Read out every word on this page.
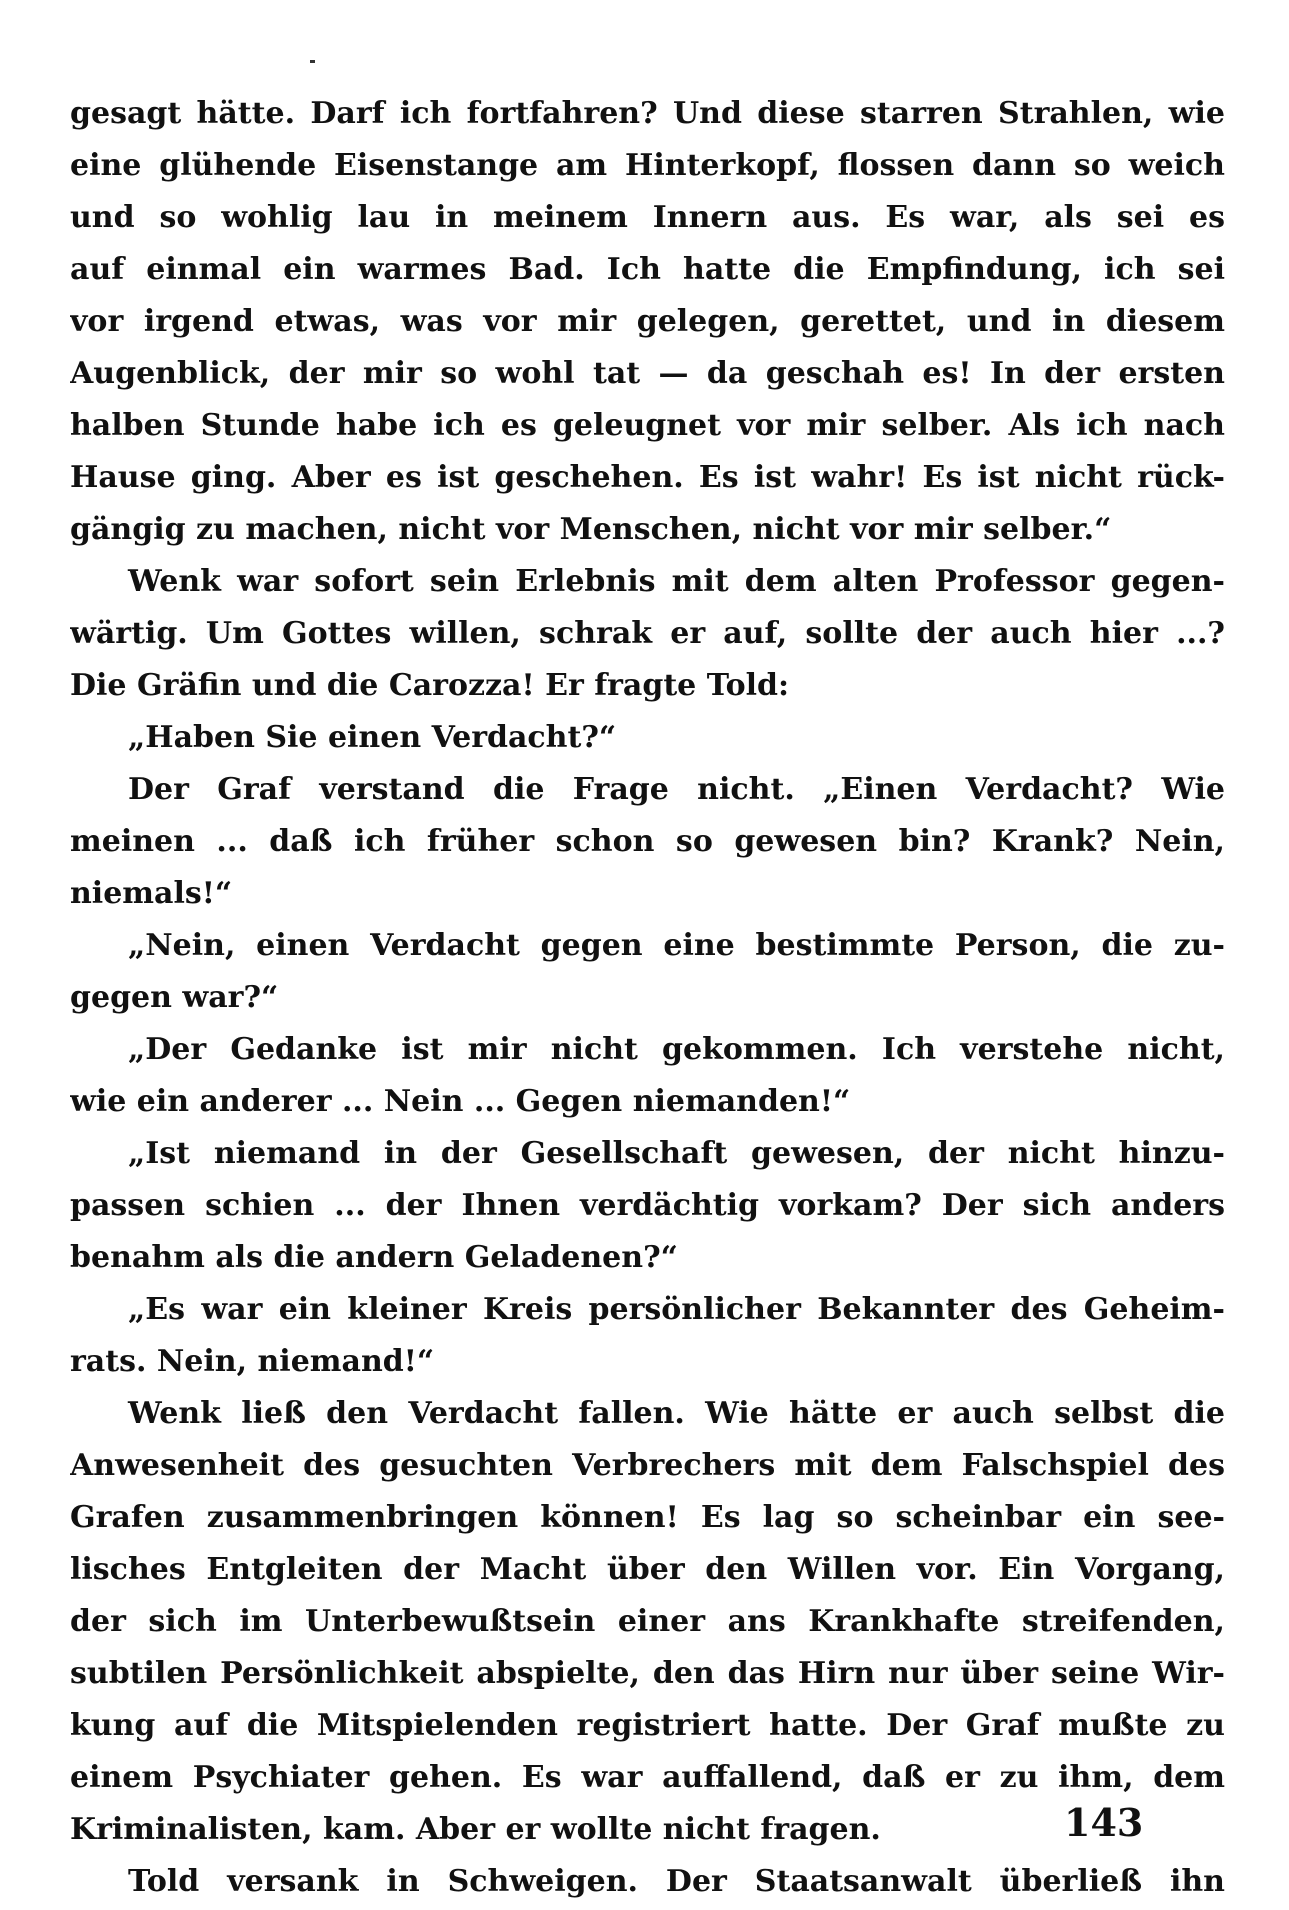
gesagt hätte. Darf ich fortfahren? Und diese starren Strahlen, wie
eine glühende Eisenstange am Hinterkopf, flossen dann so weich
und so wohlig lau in meinem Innern aus. Es war, als sei es
auf einmal ein warmes Bad. Ich hatte die Empfindung, ich sei
vor irgend etwas, was vor mir gelegen, gerettet, und in diesem
Augenblick, der mir so wohl tat — da geschah es! In der ersten
halben Stunde habe ich es geleugnet vor mir selber. Als ich nach
Hause ging. Aber es ist geschehen. Es ist wahr! Es ist nicht rück-
gängig zu machen, nicht vor Menschen, nicht vor mir selber.“
Wenk war sofort sein Erlebnis mit dem alten Professor gegen-
wärtig. Um Gottes willen, schrak er auf, sollte der auch hier ...?
Die Gräfin und die Carozza! Er fragte Told:
„Haben Sie einen Verdacht?“
Der Graf verstand die Frage nicht. „Einen Verdacht? Wie
meinen ... daß ich früher schon so gewesen bin? Krank? Nein,
niemals!“
„Nein, einen Verdacht gegen eine bestimmte Person, die zu-
gegen war?“
„Der Gedanke ist mir nicht gekommen. Ich verstehe nicht,
wie ein anderer ... Nein ... Gegen niemanden!“
„Ist niemand in der Gesellschaft gewesen, der nicht hinzu-
passen schien ... der Ihnen verdächtig vorkam? Der sich anders
benahm als die andern Geladenen?“
„Es war ein kleiner Kreis persönlicher Bekannter des Geheim-
rats. Nein, niemand!“
Wenk ließ den Verdacht fallen. Wie hätte er auch selbst die
Anwesenheit des gesuchten Verbrechers mit dem Falschspiel des
Grafen zusammenbringen können! Es lag so scheinbar ein see-
lisches Entgleiten der Macht über den Willen vor. Ein Vorgang,
der sich im Unterbewußtsein einer ans Krankhafte streifenden,
subtilen Persönlichkeit abspielte, den das Hirn nur über seine Wir-
kung auf die Mitspielenden registriert hatte. Der Graf mußte zu
einem Psychiater gehen. Es war auffallend, daß er zu ihm, dem
Kriminalisten, kam. Aber er wollte nicht fragen.
Told versank in Schweigen. Der Staatsanwalt überließ ihn
143
